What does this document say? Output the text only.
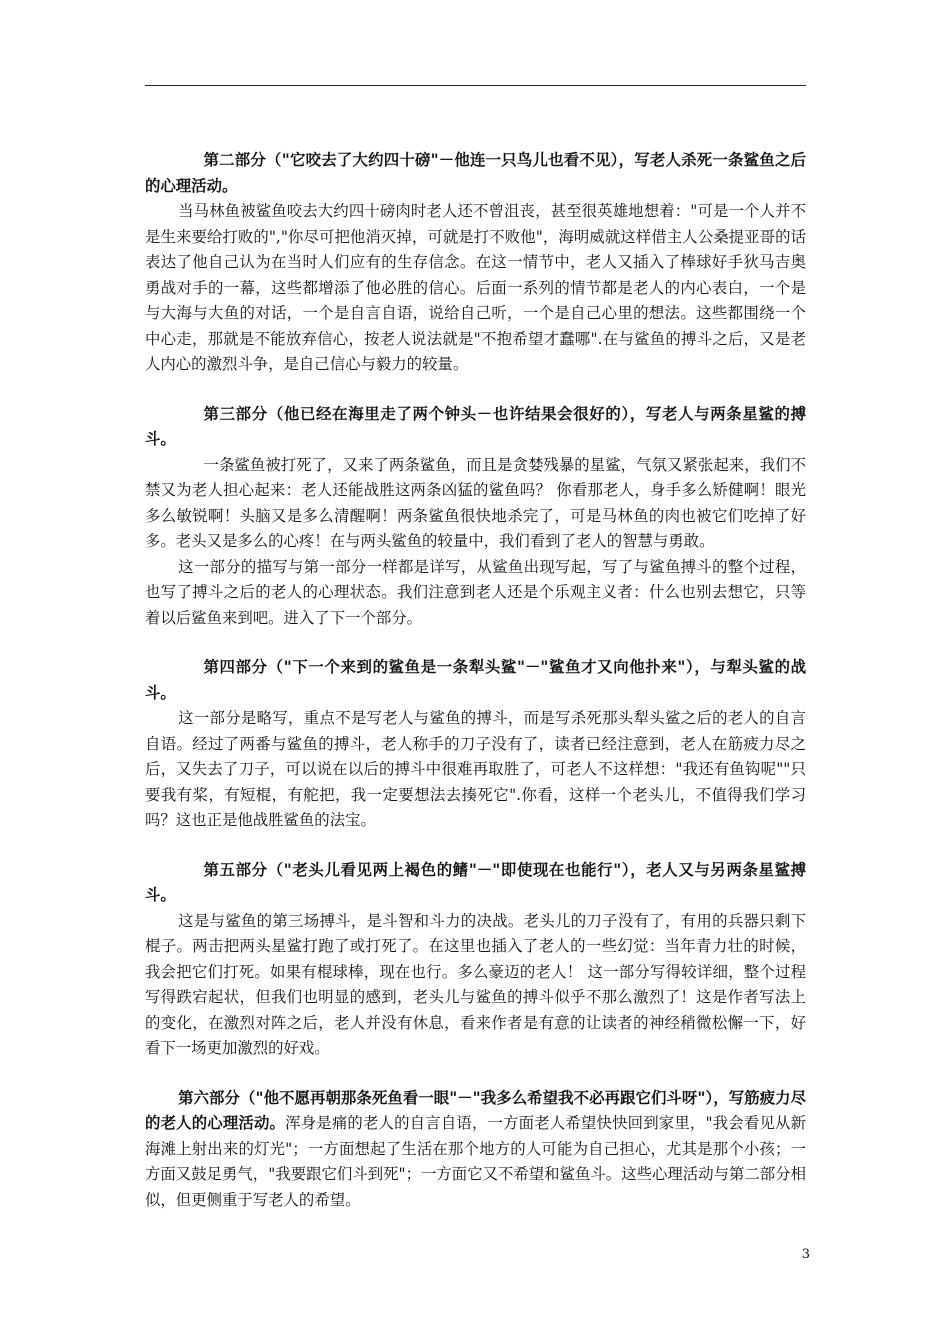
第二部分（"它咬去了大约四十磅"－他连一只鸟儿也看不见），写老人杀死一条鲨鱼之后的心理活动。

当马林鱼被鲨鱼咬去大约四十磅肉时老人还不曾沮丧，甚至很英雄地想着："可是一个人并不是生来要给打败的","你尽可把他消灭掉，可就是打不败他"，海明威就这样借主人公桑提亚哥的话表达了他自己认为在当时人们应有的生存信念。在这一情节中，老人又插入了棒球好手狄马吉奥勇战对手的一幕，这些都增添了他必胜的信心。后面一系列的情节都是老人的内心表白，一个是与大海与大鱼的对话，一个是自言自语，说给自己听，一个是自己心里的想法。这些都围绕一个中心走，那就是不能放弃信心，按老人说法就是"不抱希望才蠢哪".在与鲨鱼的搏斗之后，又是老人内心的激烈斗争，是自己信心与毅力的较量。

第三部分（他已经在海里走了两个钟头－也许结果会很好的），写老人与两条星鲨的搏斗。

一条鲨鱼被打死了，又来了两条鲨鱼，而且是贪婪残暴的星鲨，气氛又紧张起来，我们不禁又为老人担心起来：老人还能战胜这两条凶猛的鲨鱼吗？ 你看那老人，身手多么矫健啊！眼光多么敏锐啊！头脑又是多么清醒啊！两条鲨鱼很快地杀完了，可是马林鱼的肉也被它们吃掉了好多。老头又是多么的心疼！在与两头鲨鱼的较量中，我们看到了老人的智慧与勇敢。

这一部分的描写与第一部分一样都是详写，从鲨鱼出现写起，写了与鲨鱼搏斗的整个过程，也写了搏斗之后的老人的心理状态。我们注意到老人还是个乐观主义者：什么也别去想它，只等着以后鲨鱼来到吧。进入了下一个部分。

第四部分（"下一个来到的鲨鱼是一条犁头鲨"－"鲨鱼才又向他扑来"），与犁头鲨的战斗。

这一部分是略写，重点不是写老人与鲨鱼的搏斗，而是写杀死那头犁头鲨之后的老人的自言自语。经过了两番与鲨鱼的搏斗，老人称手的刀子没有了，读者已经注意到，老人在筋疲力尽之后，又失去了刀子，可以说在以后的搏斗中很难再取胜了，可老人不这样想："我还有鱼钩呢""只要我有桨，有短棍，有舵把，我一定要想法去揍死它".你看，这样一个老头儿，不值得我们学习吗？这也正是他战胜鲨鱼的法宝。

第五部分（"老头儿看见两上褐色的鳍"－"即使现在也能行"），老人又与另两条星鲨搏斗。

这是与鲨鱼的第三场搏斗，是斗智和斗力的决战。老头儿的刀子没有了，有用的兵器只剩下棍子。两击把两头星鲨打跑了或打死了。在这里也插入了老人的一些幻觉：当年青力壮的时候，我会把它们打死。如果有棍球棒，现在也行。多么豪迈的老人！ 这一部分写得较详细，整个过程写得跌宕起状，但我们也明显的感到，老头儿与鲨鱼的搏斗似乎不那么激烈了！这是作者写法上的变化，在激烈对阵之后，老人并没有休息，看来作者是有意的让读者的神经稍微松懈一下，好看下一场更加激烈的好戏。

第六部分（"他不愿再朝那条死鱼看一眼"－"我多么希望我不必再跟它们斗呀"），写筋疲力尽的老人的心理活动。浑身是痛的老人的自言自语，一方面老人希望快快回到家里，"我会看见从新海滩上射出来的灯光"；一方面想起了生活在那个地方的人可能为自己担心，尤其是那个小孩；一方面又鼓足勇气，"我要跟它们斗到死"；一方面它又不希望和鲨鱼斗。这些心理活动与第二部分相似，但更侧重于写老人的希望。

3
